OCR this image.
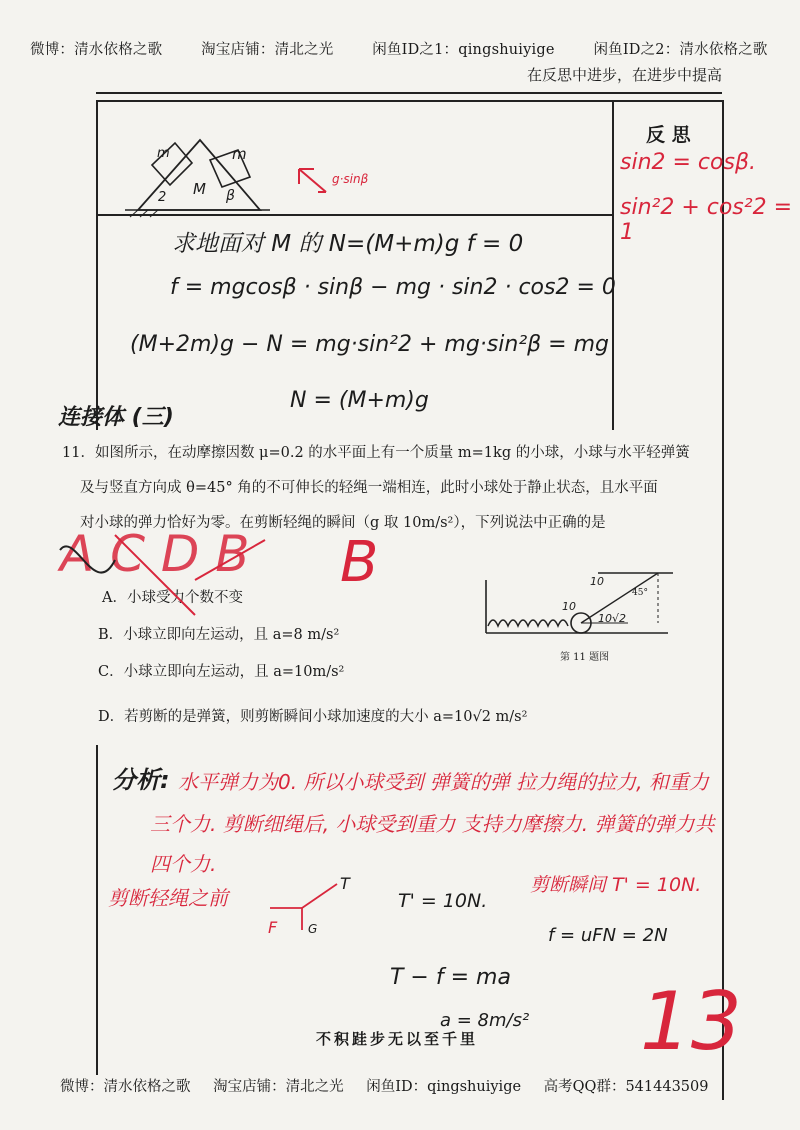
微博：清水依格之歌	淘宝店铺：清北之光	闲鱼ID之1：qingshuiyige	闲鱼ID之2：清水依格之歌
在反思中进步，在进步中提高
反 思
sin2 = cosβ.
sin²2 + cos²2 = 1
m	m
M
2	β
g·sinβ
求地面对 M 的 N=(M+m)g f = 0
f = mgcosβ · sinβ − mg · sin2 · cos2 = 0
(M+2m)g − N = mg·sin²2 + mg·sin²β = mg
N = (M+m)g
连接体 (三)
11．如图所示，在动摩擦因数 μ=0.2 的水平面上有一个质量 m=1kg 的小球，小球与水平轻弹簧
及与竖直方向成 θ=45° 角的不可伸长的轻绳一端相连，此时小球处于静止状态，且水平面
对小球的弹力恰好为零。在剪断轻绳的瞬间（g 取 10m/s²），下列说法中正确的是
A．小球受力个数不变
B．小球立即向左运动，且 a=8 m/s²
C．小球立即向左运动，且 a=10m/s²
D．若剪断的是弹簧，则剪断瞬间小球加速度的大小 a=10√2 m/s²
A C D B B	10
10
10√2
45°
第 11 题图
分析: 水平弹力为0. 所以小球受到 弹簧的弹 拉力绳的拉力, 和重力
三个力. 剪断细绳后, 小球受到重力 支持力摩擦力. 弹簧的弹力共
四个力.
剪断轻绳之前
T
F	G
T' = 10N.
剪断瞬间 T' = 10N.
f = uFN = 2N
T − f = ma
a = 8m/s² 13
不积跬步无以至千里
微博：清水依格之歌 淘宝店铺：清北之光 闲鱼ID：qingshuiyige 高考QQ群：541443509
